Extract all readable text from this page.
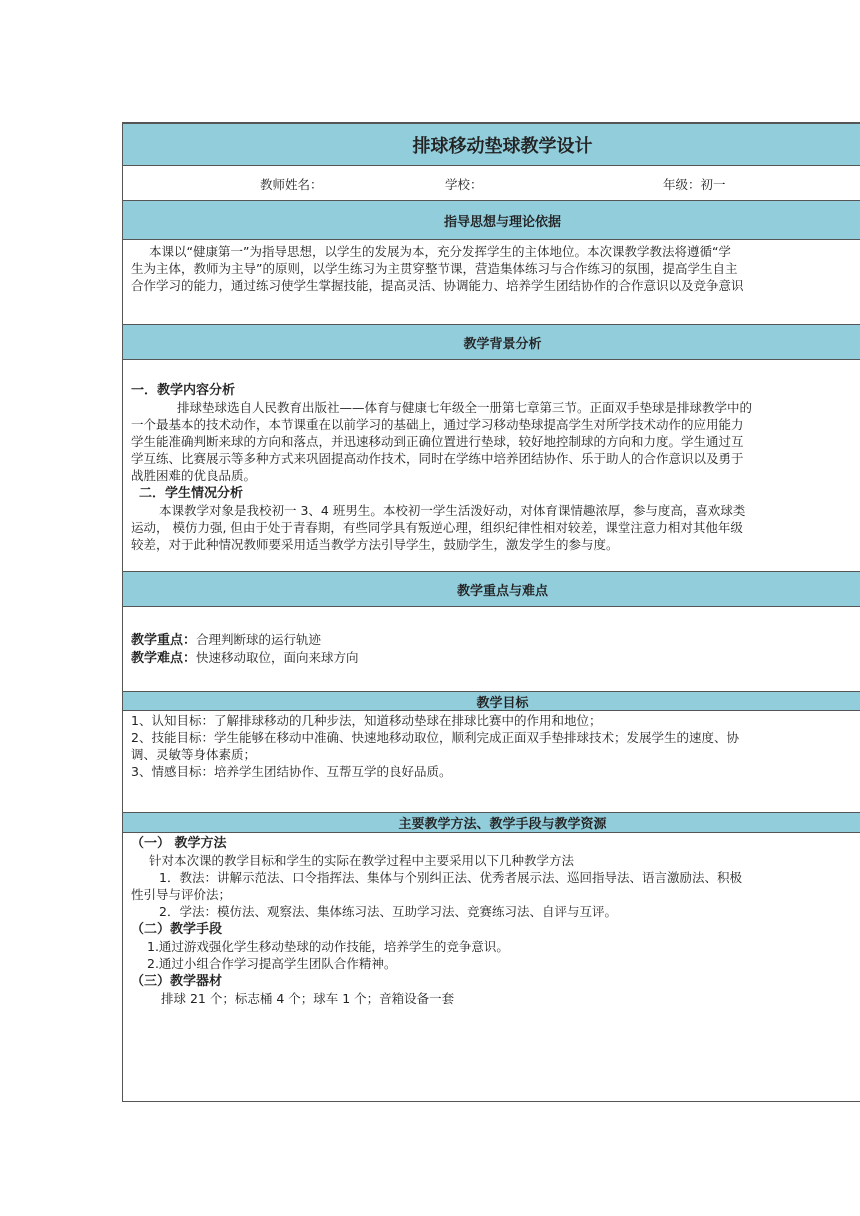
排球移动垫球教学设计
教师姓名：	学校：	年级：初一
指导思想与理论依据

本课以“健康第一”为指导思想，以学生的发展为本，充分发挥学生的主体地位。本次课教学教法将遵循“学

生为主体，教师为主导”的原则，以学生练习为主贯穿整节课，营造集体练习与合作练习的氛围，提高学生自主

合作学习的能力，通过练习使学生掌握技能，提高灵活、协调能力、培养学生团结协作的合作意识以及竞争意识

教学背景分析

一．教学内容分析

排球垫球选自人民教育出版社——体育与健康七年级全一册第七章第三节。正面双手垫球是排球教学中的

一个最基本的技术动作，本节课重在以前学习的基础上，通过学习移动垫球提高学生对所学技术动作的应用能力

学生能准确判断来球的方向和落点，并迅速移动到正确位置进行垫球，较好地控制球的方向和力度。学生通过互

学互练、比赛展示等多种方式来巩固提高动作技术，同时在学练中培养团结协作、乐于助人的合作意识以及勇于

战胜困难的优良品质。

二．学生情况分析

本课教学对象是我校初一 3、4 班男生。本校初一学生活泼好动，对体育课情趣浓厚，参与度高，喜欢球类

运动， 模仿力强, 但由于处于青春期，有些同学具有叛逆心理，组织纪律性相对较差，课堂注意力相对其他年级

较差，对于此种情况教师要采用适当教学方法引导学生，鼓励学生，激发学生的参与度。

教学重点与难点

教学重点：合理判断球的运行轨迹

教学难点：快速移动取位，面向来球方向

教学目标

1、认知目标：了解排球移动的几种步法，知道移动垫球在排球比赛中的作用和地位；

2、技能目标：学生能够在移动中准确、快速地移动取位，顺利完成正面双手垫排球技术；发展学生的速度、协

调、灵敏等身体素质；

3、情感目标：培养学生团结协作、互帮互学的良好品质。

主要教学方法、教学手段与教学资源

（一） 教学方法

针对本次课的教学目标和学生的实际在教学过程中主要采用以下几种教学方法

1．教法：讲解示范法、口令指挥法、集体与个别纠正法、优秀者展示法、巡回指导法、语言激励法、积极

性引导与评价法；

2．学法：模仿法、观察法、集体练习法、互助学习法、竞赛练习法、自评与互评。

（二）教学手段

1.通过游戏强化学生移动垫球的动作技能，培养学生的竞争意识。

2.通过小组合作学习提高学生团队合作精神。

（三）教学器材

排球 21 个；标志桶 4 个；球车 1 个；音箱设备一套
